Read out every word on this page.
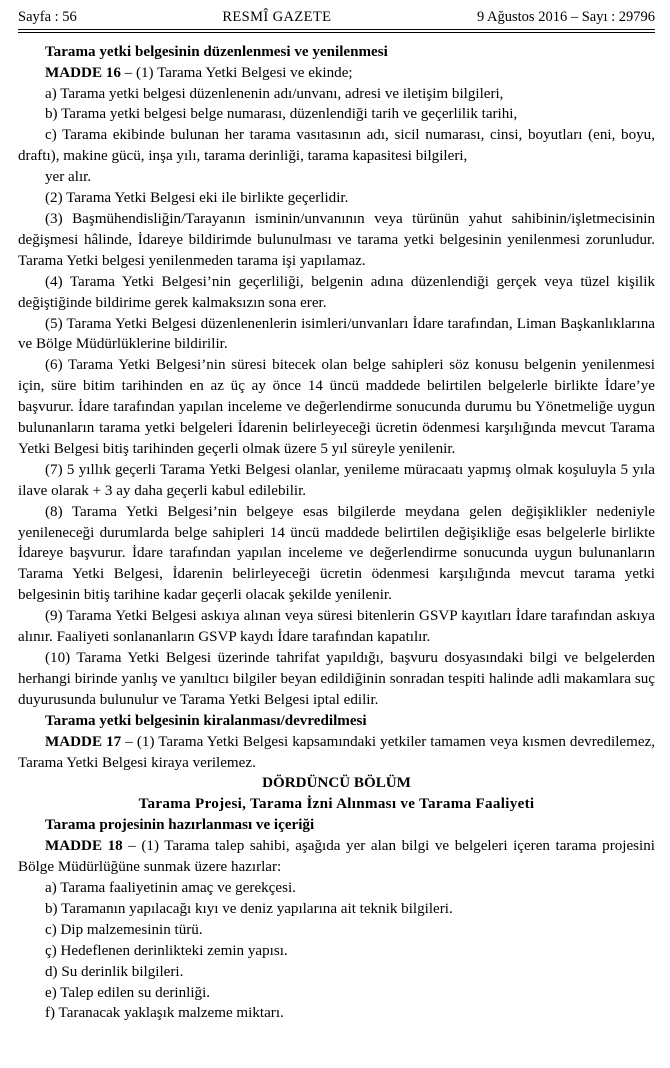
Sayfa : 56	RESMÎ GAZETE	9 Ağustos 2016 – Sayı : 29796

Tarama yetki belgesinin düzenlenmesi ve yenilenmesi

MADDE 16 – (1) Tarama Yetki Belgesi ve ekinde;

a) Tarama yetki belgesi düzenlenenin adı/unvanı, adresi ve iletişim bilgileri,

b) Tarama yetki belgesi belge numarası, düzenlendiği tarih ve geçerlilik tarihi,

c) Tarama ekibinde bulunan her tarama vasıtasının adı, sicil numarası, cinsi, boyutları (eni, boyu, draftı), makine gücü, inşa yılı, tarama derinliği, tarama kapasitesi bilgileri,

yer alır.

(2) Tarama Yetki Belgesi eki ile birlikte geçerlidir.

(3) Başmühendisliğin/Tarayanın isminin/unvanının veya türünün yahut sahibinin/işletmecisinin değişmesi hâlinde, İdareye bildirimde bulunulması ve tarama yetki belgesinin yenilenmesi zorunludur. Tarama Yetki belgesi yenilenmeden tarama işi yapılamaz.

(4) Tarama Yetki Belgesi’nin geçerliliği, belgenin adına düzenlendiği gerçek veya tüzel kişilik değiştiğinde bildirime gerek kalmaksızın sona erer.

(5) Tarama Yetki Belgesi düzenlenenlerin isimleri/unvanları İdare tarafından, Liman Başkanlıklarına ve Bölge Müdürlüklerine bildirilir.

(6) Tarama Yetki Belgesi’nin süresi bitecek olan belge sahipleri söz konusu belgenin yenilenmesi için, süre bitim tarihinden en az üç ay önce 14 üncü maddede belirtilen belgelerle birlikte İdare’ye başvurur. İdare tarafından yapılan inceleme ve değerlendirme sonucunda durumu bu Yönetmeliğe uygun bulunanların tarama yetki belgeleri İdarenin belirleyeceği ücretin ödenmesi karşılığında mevcut Tarama Yetki Belgesi bitiş tarihinden geçerli olmak üzere 5 yıl süreyle yenilenir.

(7) 5 yıllık geçerli Tarama Yetki Belgesi olanlar, yenileme müracaatı yapmış olmak koşuluyla 5 yıla ilave olarak + 3 ay daha geçerli kabul edilebilir.

(8) Tarama Yetki Belgesi’nin belgeye esas bilgilerde meydana gelen değişiklikler nedeniyle yenileneceği durumlarda belge sahipleri 14 üncü maddede belirtilen değişikliğe esas belgelerle birlikte İdareye başvurur. İdare tarafından yapılan inceleme ve değerlendirme sonucunda uygun bulunanların Tarama Yetki Belgesi, İdarenin belirleyeceği ücretin ödenmesi karşılığında mevcut tarama yetki belgesinin bitiş tarihine kadar geçerli olacak şekilde yenilenir.

(9) Tarama Yetki Belgesi askıya alınan veya süresi bitenlerin GSVP kayıtları İdare tarafından askıya alınır. Faaliyeti sonlananların GSVP kaydı İdare tarafından kapatılır.

(10) Tarama Yetki Belgesi üzerinde tahrifat yapıldığı, başvuru dosyasındaki bilgi ve belgelerden herhangi birinde yanlış ve yanıltıcı bilgiler beyan edildiğinin sonradan tespiti halinde adli makamlara suç duyurusunda bulunulur ve Tarama Yetki Belgesi iptal edilir.

Tarama yetki belgesinin kiralanması/devredilmesi

MADDE 17 – (1) Tarama Yetki Belgesi kapsamındaki yetkiler tamamen veya kısmen devredilemez, Tarama Yetki Belgesi kiraya verilemez.

DÖRDÜNCÜ BÖLÜM

Tarama Projesi, Tarama İzni Alınması ve Tarama Faaliyeti

Tarama projesinin hazırlanması ve içeriği

MADDE 18 – (1) Tarama talep sahibi, aşağıda yer alan bilgi ve belgeleri içeren tarama projesini Bölge Müdürlüğüne sunmak üzere hazırlar:

a) Tarama faaliyetinin amaç ve gerekçesi.

b) Taramanın yapılacağı kıyı ve deniz yapılarına ait teknik bilgileri.

c) Dip malzemesinin türü.

ç) Hedeflenen derinlikteki zemin yapısı.

d) Su derinlik bilgileri.

e) Talep edilen su derinliği.

f) Taranacak yaklaşık malzeme miktarı.
